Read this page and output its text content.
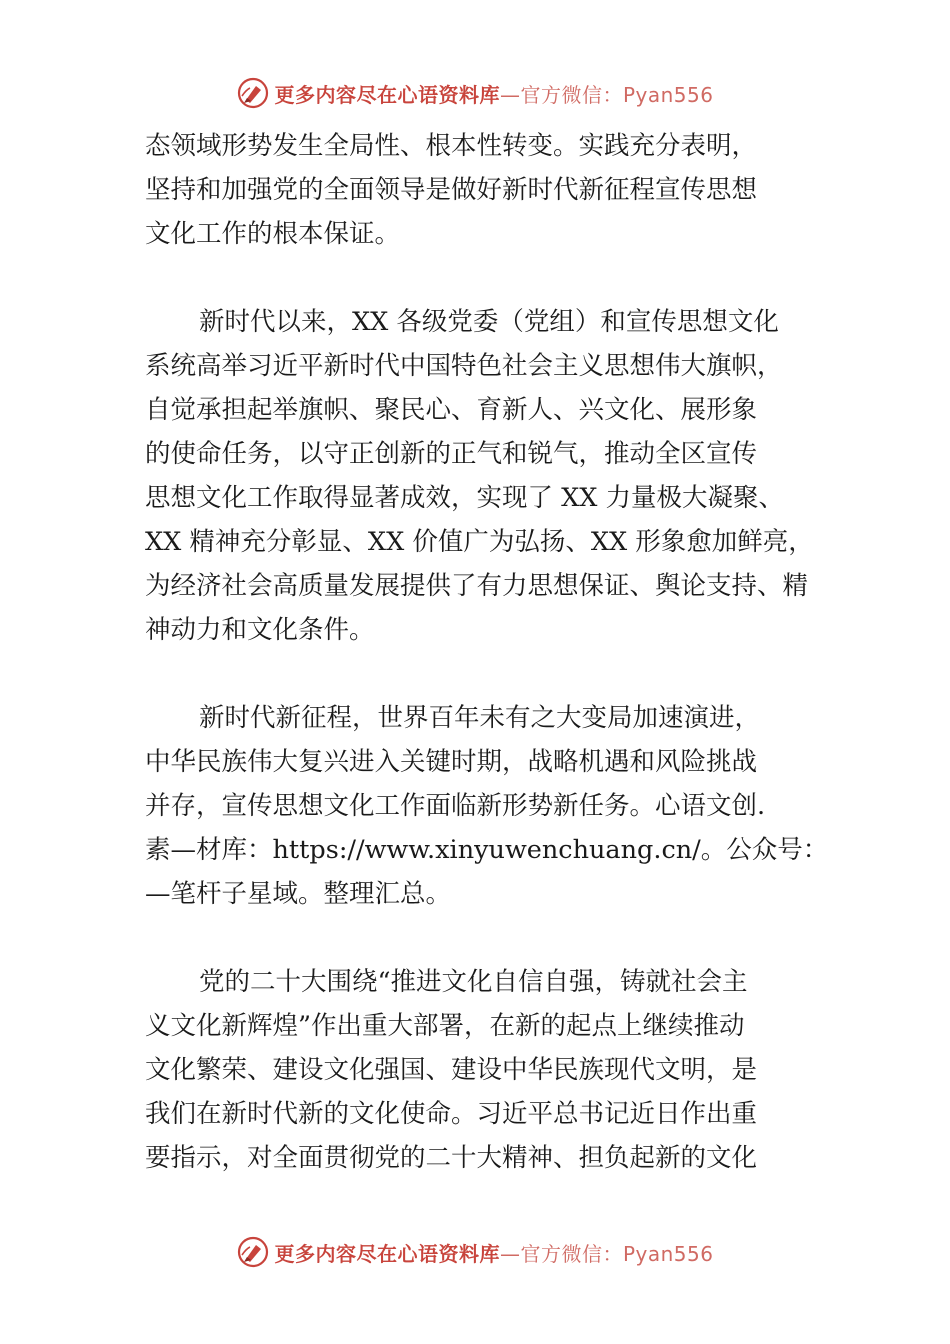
更多内容尽在心语资料库—官方微信：Pyan556

态领域形势发生全局性、根本性转变。实践充分表明，
坚持和加强党的全面领导是做好新时代新征程宣传思想
文化工作的根本保证。

新时代以来，XX 各级党委（党组）和宣传思想文化
系统高举习近平新时代中国特色社会主义思想伟大旗帜，
自觉承担起举旗帜、聚民心、育新人、兴文化、展形象
的使命任务，以守正创新的正气和锐气，推动全区宣传
思想文化工作取得显著成效，实现了 XX 力量极大凝聚、
XX 精神充分彰显、XX 价值广为弘扬、XX 形象愈加鲜亮，
为经济社会高质量发展提供了有力思想保证、舆论支持、精
神动力和文化条件。

新时代新征程，世界百年未有之大变局加速演进，
中华民族伟大复兴进入关键时期，战略机遇和风险挑战
并存，宣传思想文化工作面临新形势新任务。心语文创.
素—材库：https://www.xinyuwenchuang.cn/。公众号：
—笔杆子星域。整理汇总。

党的二十大围绕“推进文化自信自强，铸就社会主
义文化新辉煌”作出重大部署，在新的起点上继续推动
文化繁荣、建设文化强国、建设中华民族现代文明，是
我们在新时代新的文化使命。习近平总书记近日作出重
要指示，对全面贯彻党的二十大精神、担负起新的文化

更多内容尽在心语资料库—官方微信：Pyan556
